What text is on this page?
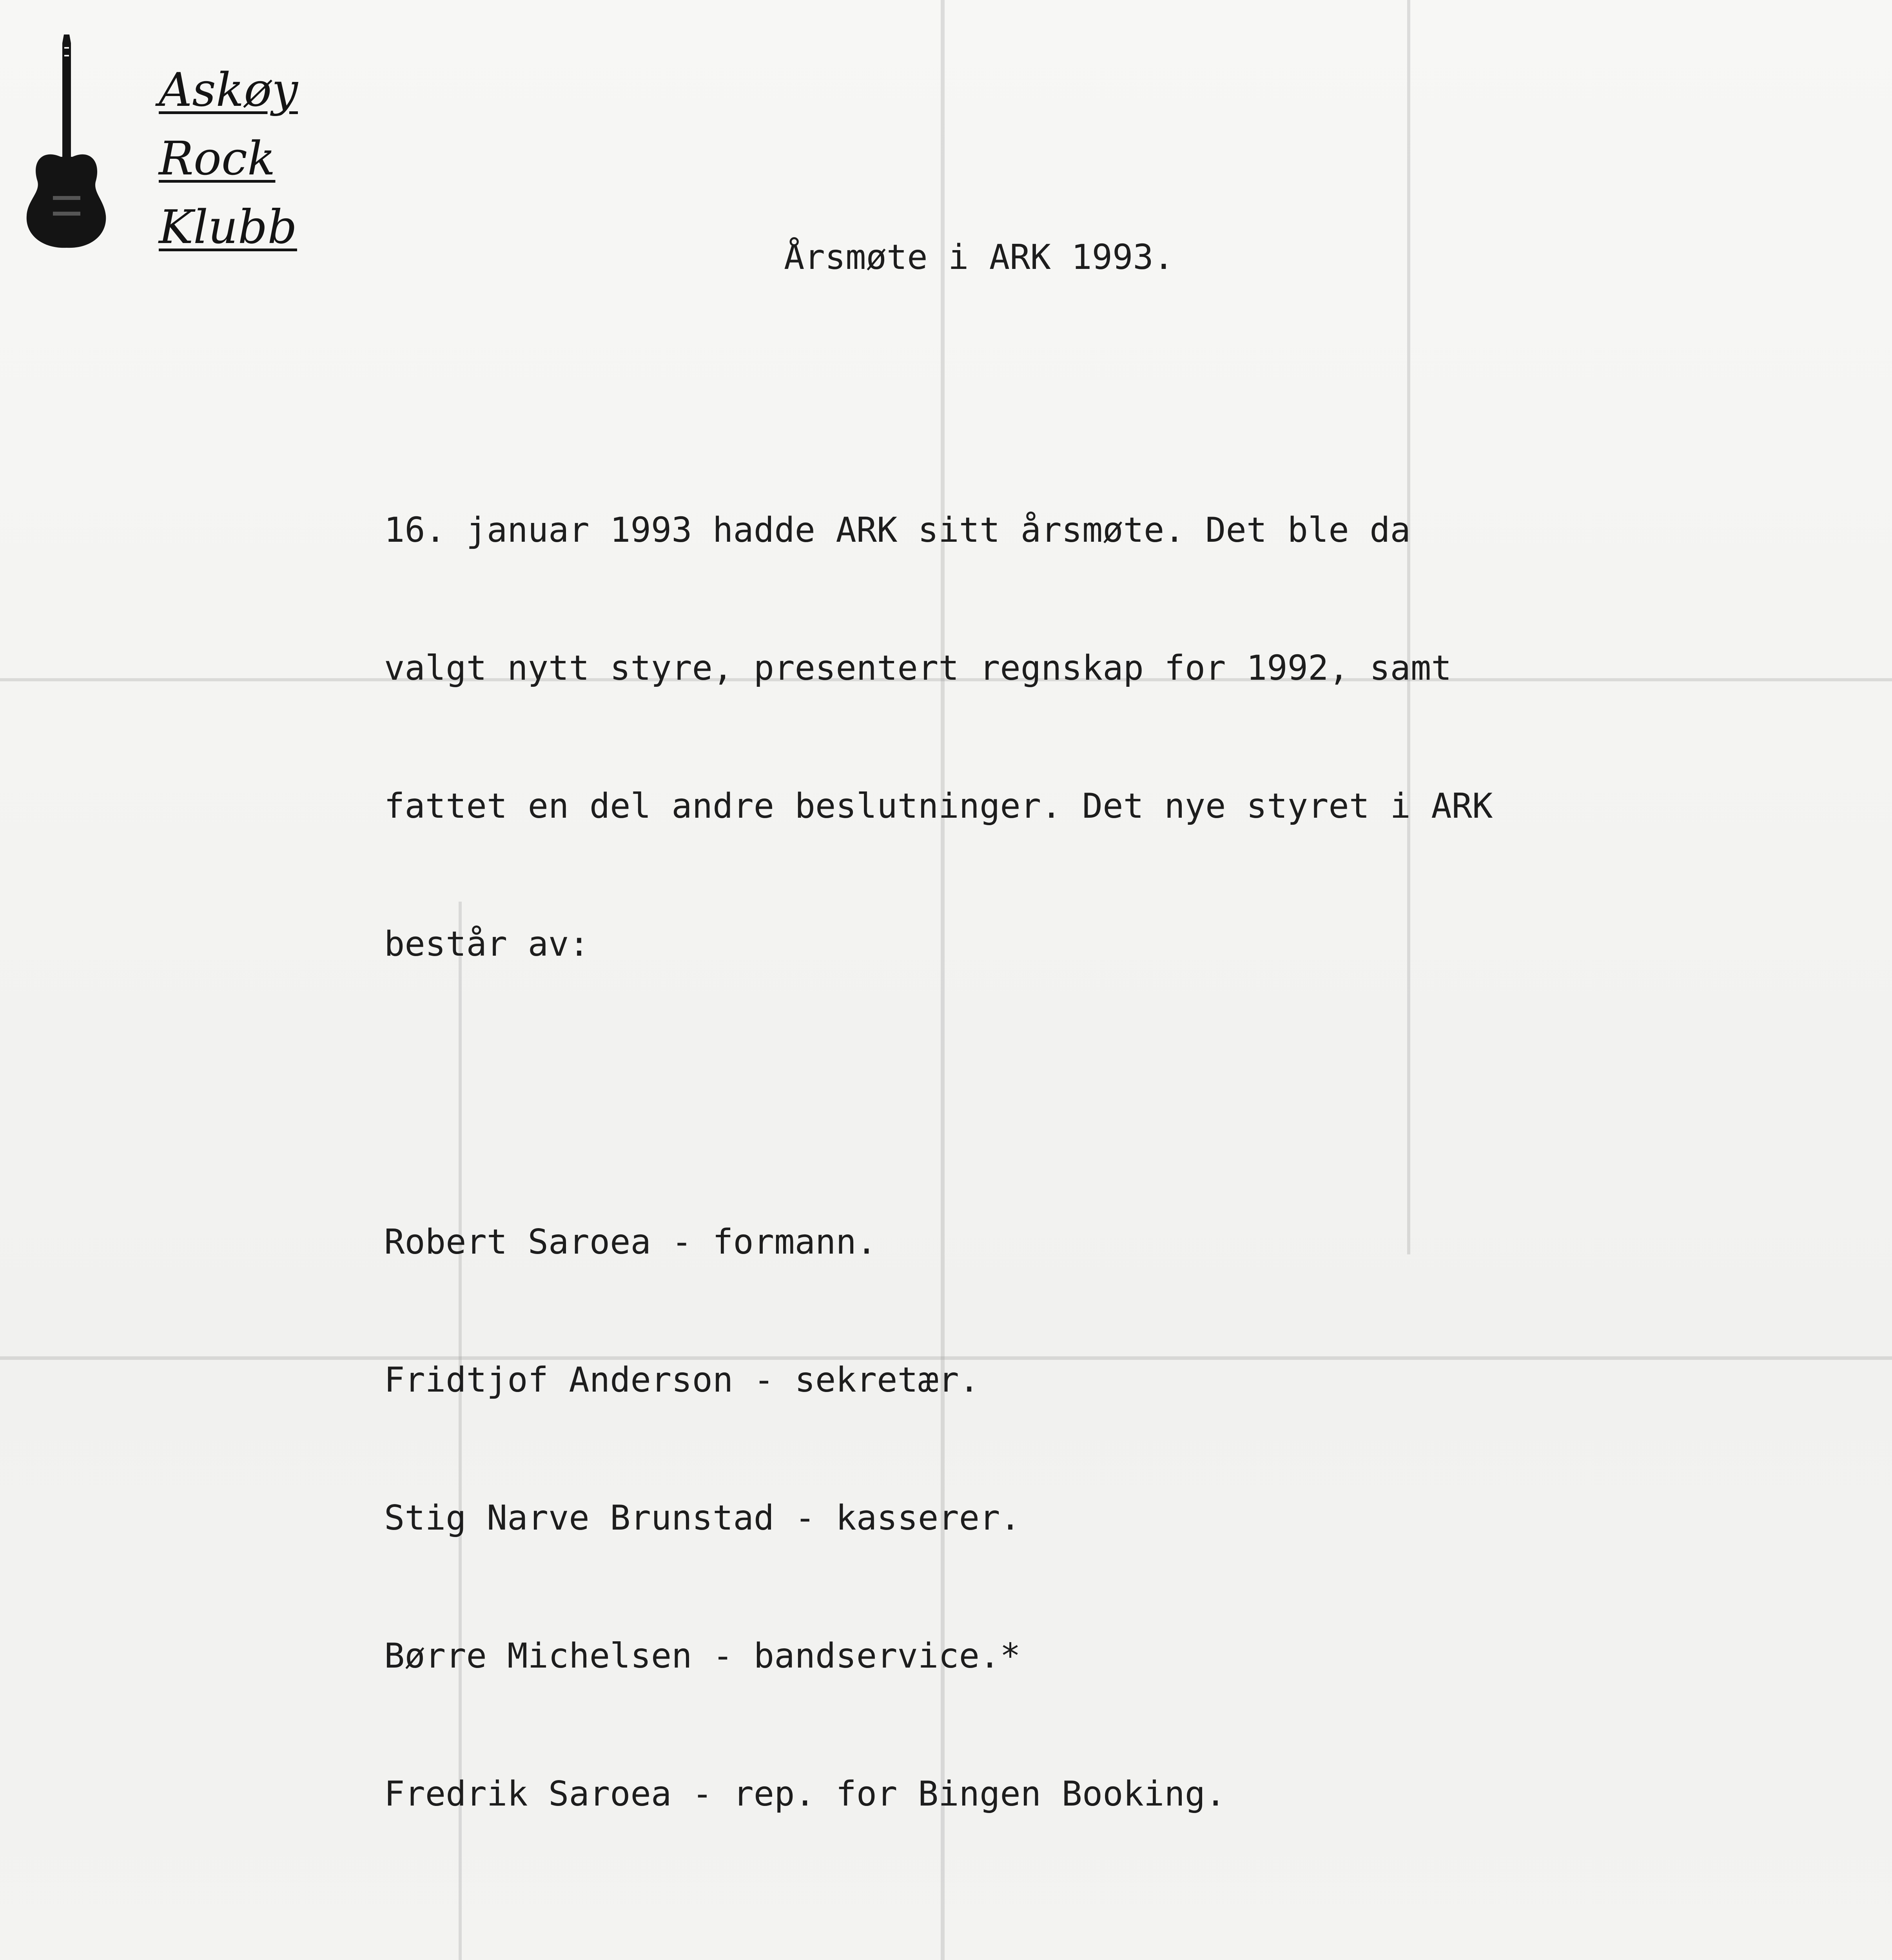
Askøy
Rock
Klubb
Årsmøte i ARK 1993.

16. januar 1993 hadde ARK sitt årsmøte. Det ble da

valgt nytt styre, presentert regnskap for 1992, samt

fattet en del andre beslutninger. Det nye styret i ARK

består av:

Robert Saroea - formann.

Fridtjof Anderson - sekretær.

Stig Narve Brunstad - kasserer.

Børre Michelsen - bandservice.*

Fredrik Saroea - rep. for Bingen Booking.
